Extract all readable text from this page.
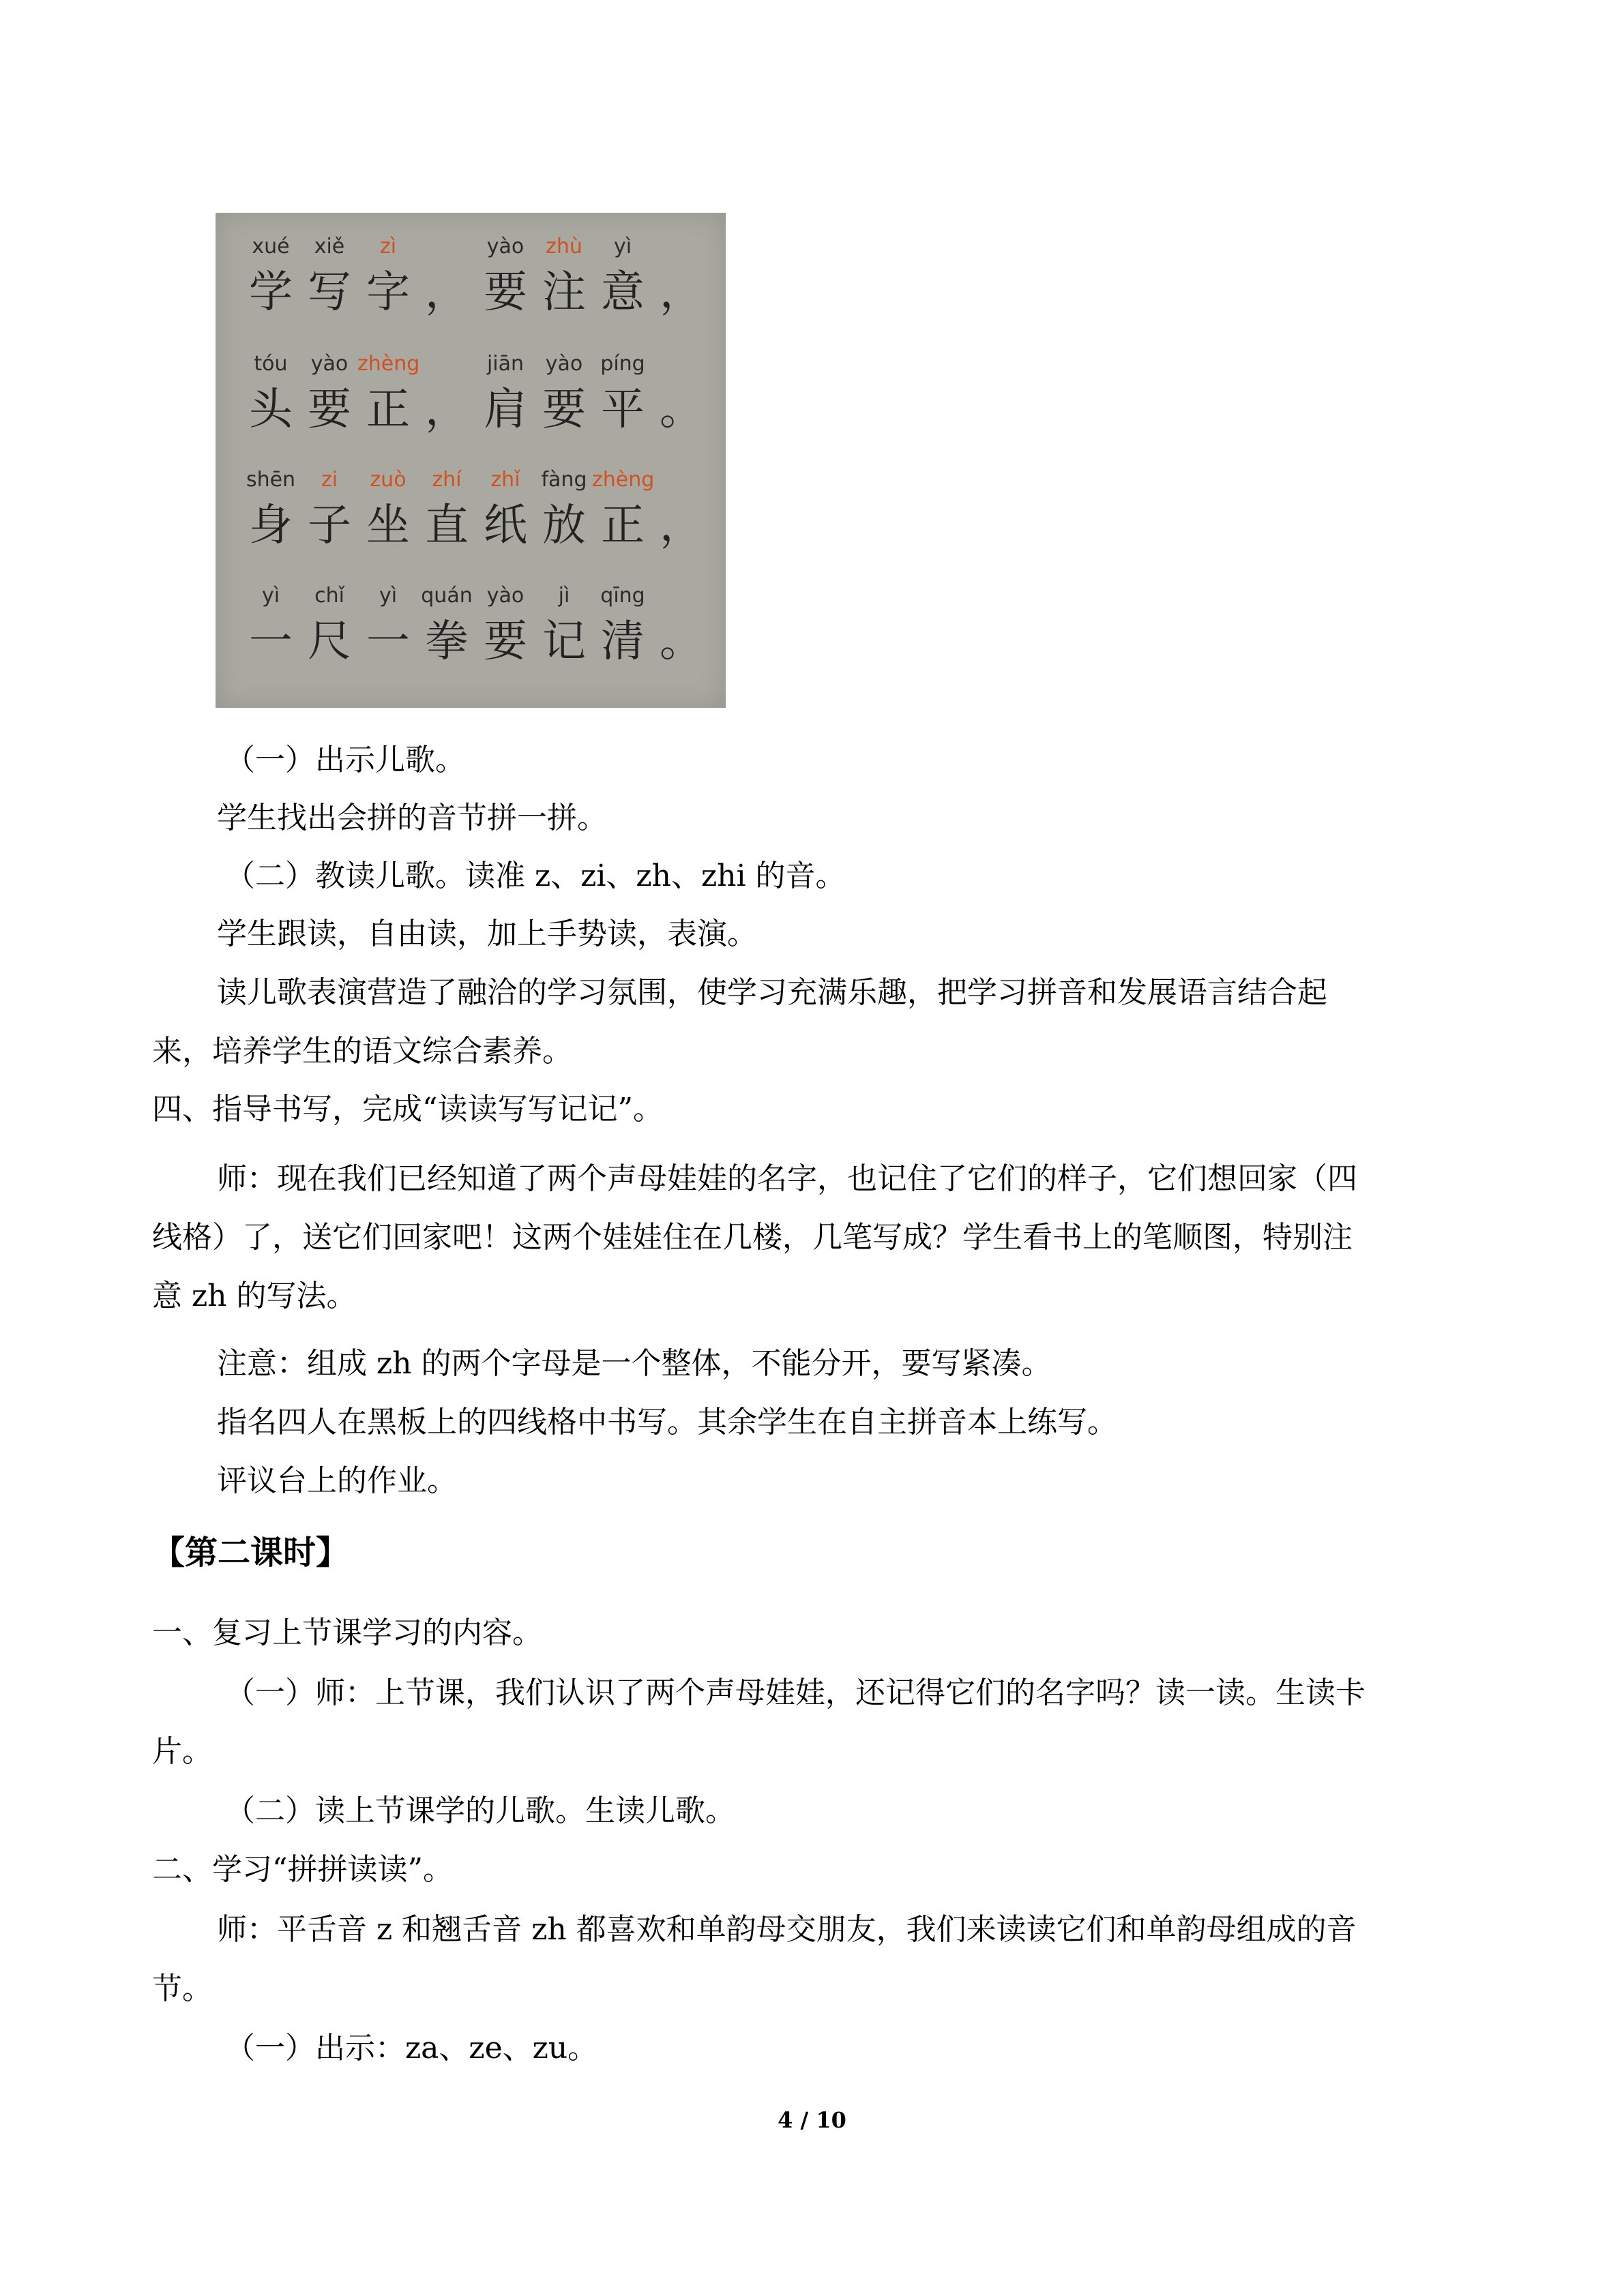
xué
学
xiě
写
zì
字 ，
yào
要
zhù
注
yì
意 ，
tóu
头
yào
要
zhèng
正 ，
jiān
肩
yào
要
píng
平 。
shēn
身
zi
子
zuò
坐
zhí
直
zhǐ
纸
fàng
放
zhèng
正 ，
yì
一
chǐ
尺
yì
一
quán
拳
yào
要
jì
记
qīng
清 。
（一）出示儿歌。
学生找出会拼的音节拼一拼。
（二）教读儿歌。读准 z、zi、zh、zhi 的音。
学生跟读，自由读，加上手势读，表演。
读儿歌表演营造了融洽的学习氛围，使学习充满乐趣，把学习拼音和发展语言结合起
来，培养学生的语文综合素养。
四、指导书写，完成“读读写写记记”。
师：现在我们已经知道了两个声母娃娃的名字，也记住了它们的样子，它们想回家（四
线格）了，送它们回家吧！这两个娃娃住在几楼，几笔写成？学生看书上的笔顺图，特别注
意 zh 的写法。
注意：组成 zh 的两个字母是一个整体，不能分开，要写紧凑。
指名四人在黑板上的四线格中书写。其余学生在自主拼音本上练写。
评议台上的作业。
【第二课时】
一、复习上节课学习的内容。
（一）师：上节课，我们认识了两个声母娃娃，还记得它们的名字吗？读一读。生读卡
片。
（二）读上节课学的儿歌。生读儿歌。
二、学习“拼拼读读”。
师：平舌音 z 和翘舌音 zh 都喜欢和单韵母交朋友，我们来读读它们和单韵母组成的音
节。
（一）出示：za、ze、zu。
4 / 10
